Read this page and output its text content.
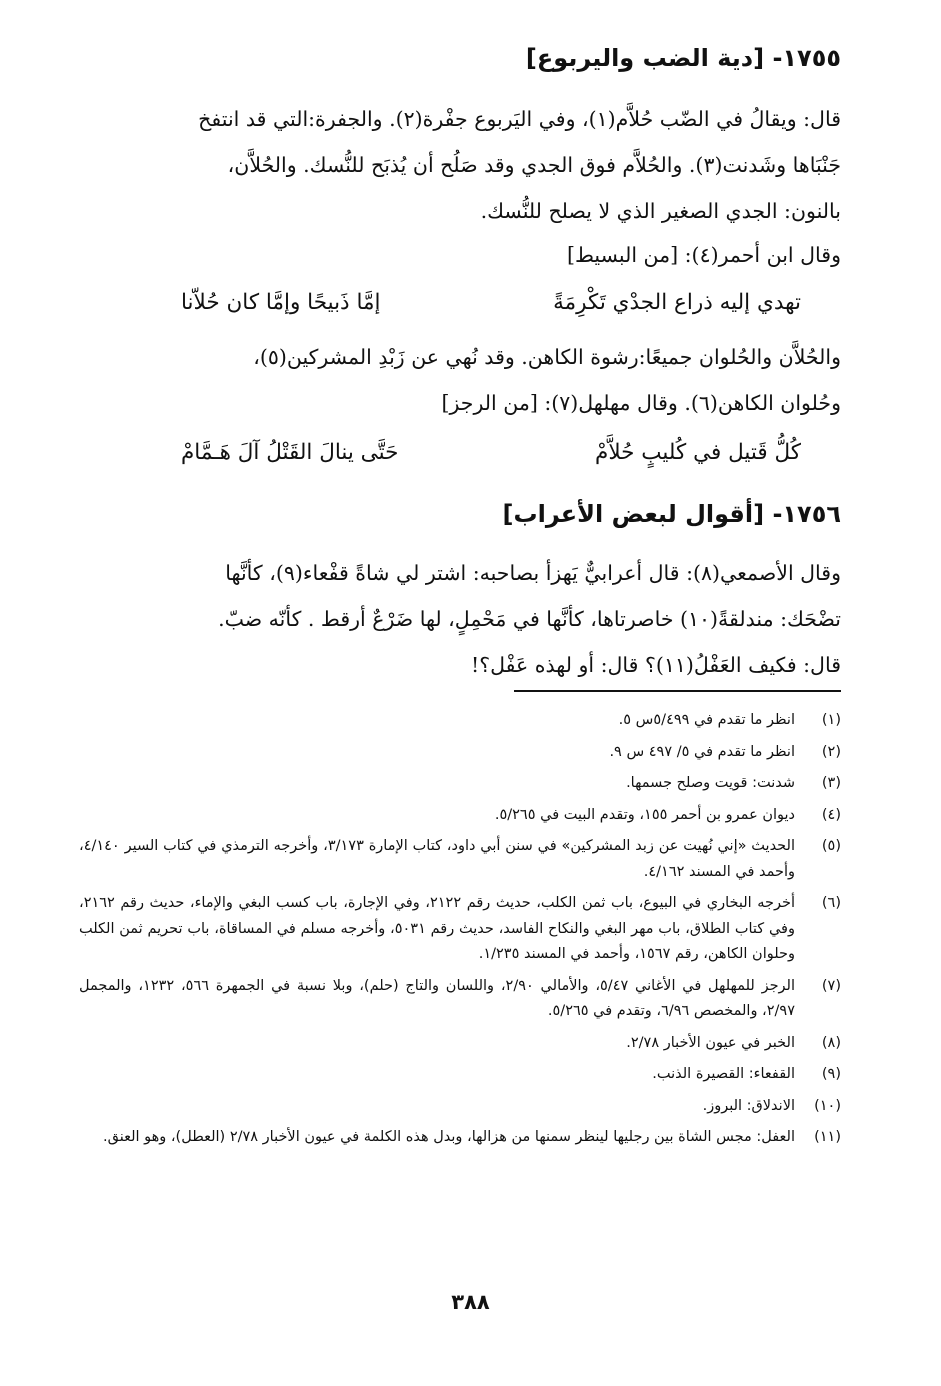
١٧٥٥- [دية الضب واليربوع]

قال: ويقالُ في الضّب حُلاَّم(١)، وفي اليَربوع جفْرة(٢). والجفرة:التي قد انتفخ
جَنْبَاها وشَدنت(٣). والحُلاَّم فوق الجدي وقد صَلُح أن يُذبَح للنُّسك. والحُلاَّن،
بالنون: الجدي الصغير الذي لا يصلح للنُّسك.

وقال ابن أحمر(٤): [من البسيط]

تهدي إليه ذراع الجدْي تَكْرِمَةً
إمَّا ذَبيحًا وإمَّا كان حُلاّنا

والحُلاَّن والحُلوان جميعًا:رشوة الكاهن. وقد نُهي عن زَبْدِ المشركين(٥)،
وحُلوان الكاهن(٦). وقال مهلهل(٧): [من الرجز]

كُلُّ قَتيل في كُليبٍ حُلاَّمْ
حَتَّى ينالَ القَتْلُ آلَ هَـمَّامْ
١٧٥٦- [أقوال لبعض الأعراب]

وقال الأصمعي(٨): قال أعرابيٌّ يَهزأ بصاحبه: اشتر لي شاةً قفْعاء(٩)، كأنَّها
تضْحَك: مندلقةً(١٠) خاصرتاها، كأنَّها في مَحْمِلٍ، لها ضَرْعٌ أرقط . كأنّه ضبّ.
قال: فكيف العَفْلُ(١١)؟ قال: أو لهذه عَفْل؟!

(١)
انظر ما تقدم في ٥/٤٩٩س ٥.
(٢)
انظر ما تقدم في ٥/ ٤٩٧ س ٩.
(٣)
شدنت: قويت وصلح جسمها.
(٤)
ديوان عمرو بن أحمر ١٥٥، وتقدم البيت في ٥/٢٦٥.
(٥)
الحديث «إني نُهيت عن زبد المشركين» في سنن أبي داود، كتاب الإمارة ٣/١٧٣، وأخرجه الترمذي في كتاب السير ٤/١٤٠، وأحمد في المسند ٤/١٦٢.
(٦)
أخرجه البخاري في البيوع، باب ثمن الكلب، حديث رقم ٢١٢٢، وفي الإجارة، باب كسب البغي والإماء، حديث رقم ٢١٦٢، وفي كتاب الطلاق، باب مهر البغي والنكاح الفاسد، حديث رقم ٥٠٣١، وأخرجه مسلم في المساقاة، باب تحريم ثمن الكلب وحلوان الكاهن، رقم ١٥٦٧، وأحمد في المسند ١/٢٣٥.
(٧)
الرجز للمهلهل في الأغاني ٥/٤٧، والأمالي ٢/٩٠، واللسان والتاج (حلم)، وبلا نسبة في الجمهرة ٥٦٦، ١٢٣٢، والمجمل ٢/٩٧، والمخصص ٦/٩٦، وتقدم في ٥/٢٦٥.
(٨)
الخبر في عيون الأخبار ٢/٧٨.
(٩)
القفعاء: القصيرة الذنب.
(١٠)
الاندلاق: البروز.
(١١)
العفل: مجس الشاة بين رجليها لينظر سمنها من هزالها، وبدل هذه الكلمة في عيون الأخبار ٢/٧٨ (العطل)، وهو العنق.
٣٨٨
